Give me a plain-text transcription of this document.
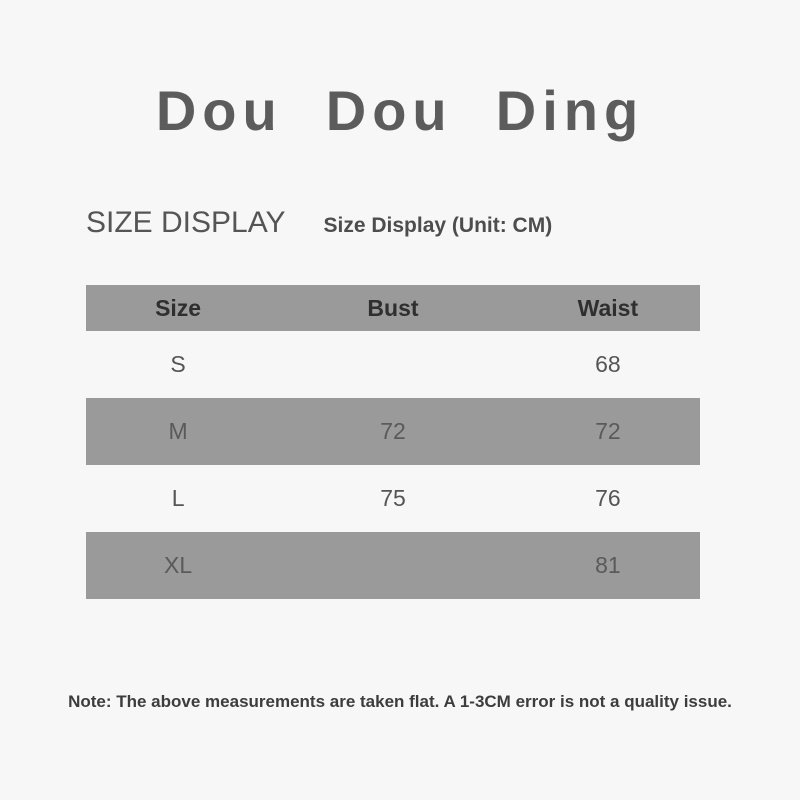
Dou  Dou  Ding
SIZE DISPLAY Size Display (Unit: CM)
Size	Bust	Waist
S		68
M	72	72
L	75	76
XL		81
Note: The above measurements are taken flat. A 1-3CM error is not a quality issue.
